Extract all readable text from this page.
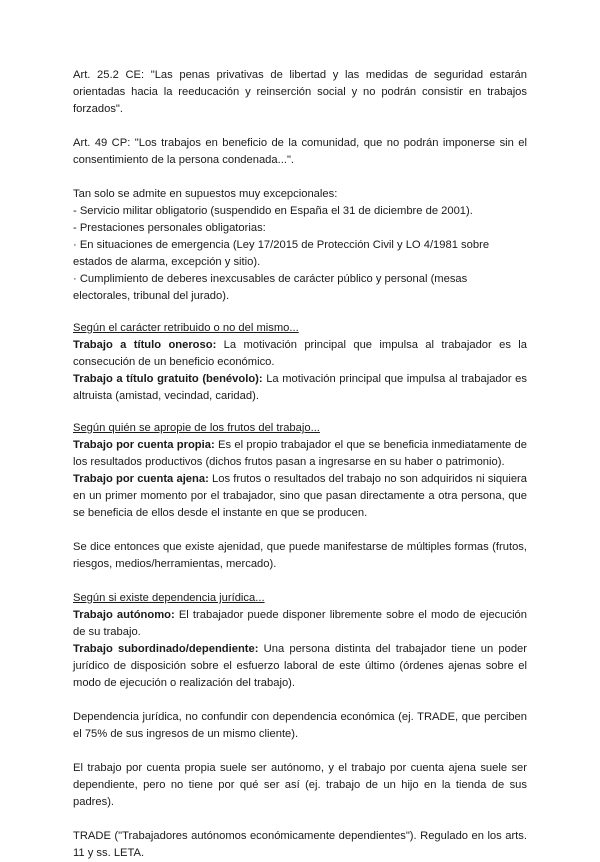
Art. 25.2 CE: "Las penas privativas de libertad y las medidas de seguridad estarán orientadas hacia la reeducación y reinserción social y no podrán consistir en trabajos forzados".

Art. 49 CP: "Los trabajos en beneficio de la comunidad, que no podrán imponerse sin el consentimiento de la persona condenada...".

Tan solo se admite en supuestos muy excepcionales:

- Servicio militar obligatorio (suspendido en España el 31 de diciembre de 2001).

- Prestaciones personales obligatorias:

· En situaciones de emergencia (Ley 17/2015 de Protección Civil y LO 4/1981 sobre estados de alarma, excepción y sitio).

· Cumplimiento de deberes inexcusables de carácter público y personal (mesas electorales, tribunal del jurado).

Según el carácter retribuido o no del mismo...

Trabajo a título oneroso: La motivación principal que impulsa al trabajador es la consecución de un beneficio económico.

Trabajo a título gratuito (benévolo): La motivación principal que impulsa al trabajador es altruista (amistad, vecindad, caridad).

Según quién se apropie de los frutos del trabajo...

Trabajo por cuenta propia: Es el propio trabajador el que se beneficia inmediatamente de los resultados productivos (dichos frutos pasan a ingresarse en su haber o patrimonio).

Trabajo por cuenta ajena: Los frutos o resultados del trabajo no son adquiridos ni siquiera en un primer momento por el trabajador, sino que pasan directamente a otra persona, que se beneficia de ellos desde el instante en que se producen.

Se dice entonces que existe ajenidad, que puede manifestarse de múltiples formas (frutos, riesgos, medios/herramientas, mercado).

Según si existe dependencia jurídica...

Trabajo autónomo: El trabajador puede disponer libremente sobre el modo de ejecución de su trabajo.

Trabajo subordinado/dependiente: Una persona distinta del trabajador tiene un poder jurídico de disposición sobre el esfuerzo laboral de este último (órdenes ajenas sobre el modo de ejecución o realización del trabajo).

Dependencia jurídica, no confundir con dependencia económica (ej. TRADE, que perciben el 75% de sus ingresos de un mismo cliente).

El trabajo por cuenta propia suele ser autónomo, y el trabajo por cuenta ajena suele ser dependiente, pero no tiene por qué ser así (ej. trabajo de un hijo en la tienda de sus padres).

TRADE ("Trabajadores autónomos económicamente dependientes"). Regulado en los arts. 11 y ss. LETA.
